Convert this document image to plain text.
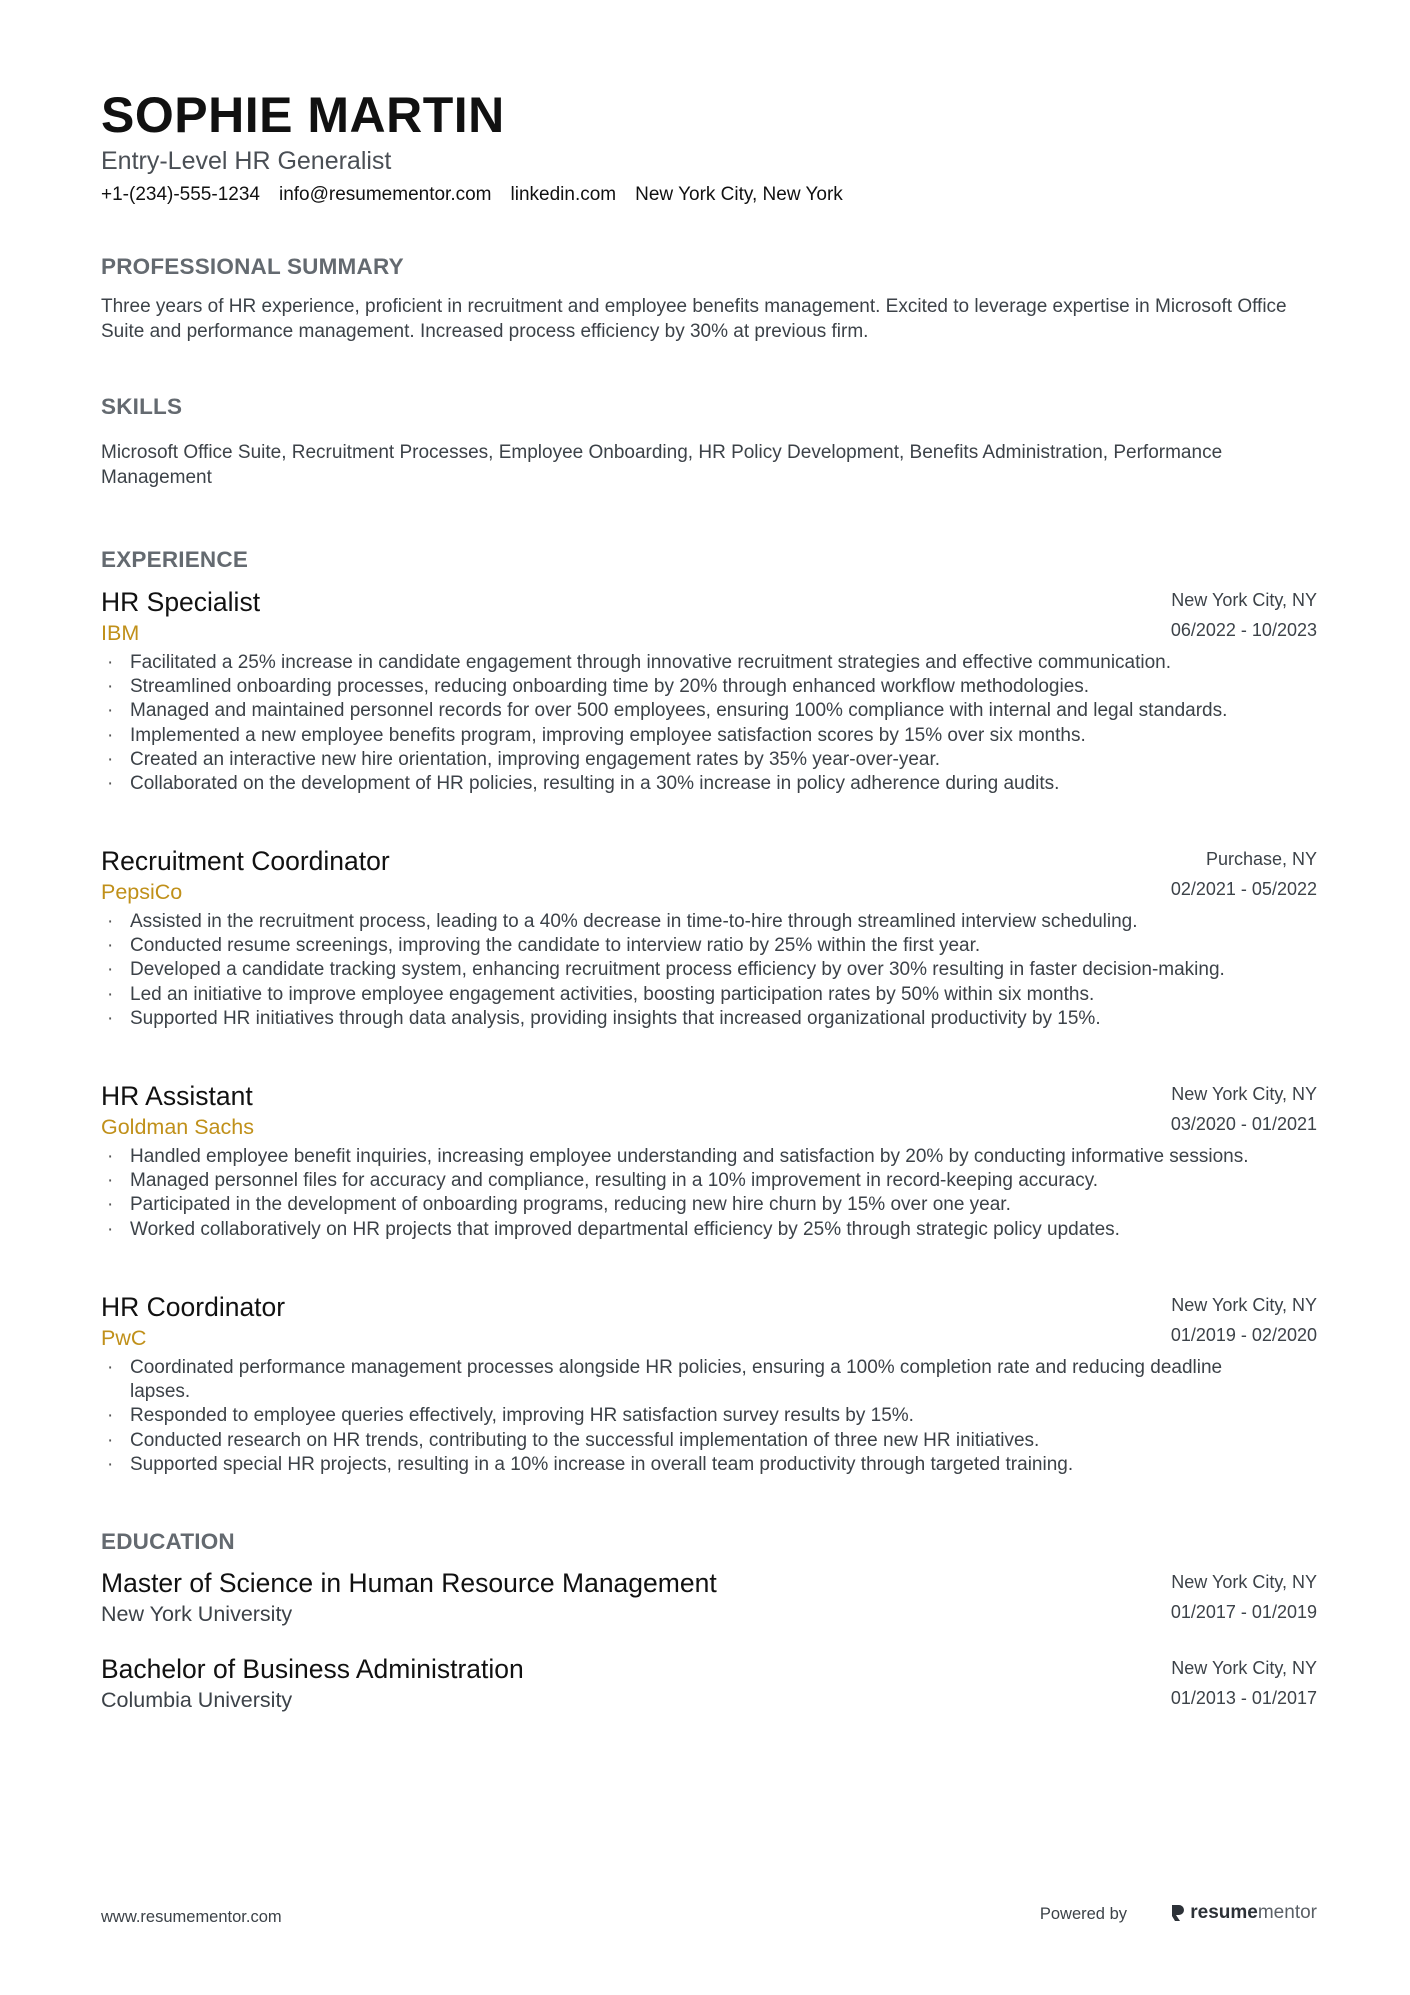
SOPHIE MARTIN
Entry-Level HR Generalist
+1-(234)-555-1234 info@resumementor.com linkedin.com New York City, New York
PROFESSIONAL SUMMARY
Three years of HR experience, proficient in recruitment and employee benefits management. Excited to leverage expertise in Microsoft Office Suite and performance management. Increased process efficiency by 30% at previous firm.
SKILLS
Microsoft Office Suite, Recruitment Processes, Employee Onboarding, HR Policy Development, Benefits Administration, Performance Management
EXPERIENCE
HR Specialist	New York City, NY
IBM	06/2022 - 10/2023
· Facilitated a 25% increase in candidate engagement through innovative recruitment strategies and effective communication.
· Streamlined onboarding processes, reducing onboarding time by 20% through enhanced workflow methodologies.
· Managed and maintained personnel records for over 500 employees, ensuring 100% compliance with internal and legal standards.
· Implemented a new employee benefits program, improving employee satisfaction scores by 15% over six months.
· Created an interactive new hire orientation, improving engagement rates by 35% year-over-year.
· Collaborated on the development of HR policies, resulting in a 30% increase in policy adherence during audits.
Recruitment Coordinator	Purchase, NY
PepsiCo	02/2021 - 05/2022
· Assisted in the recruitment process, leading to a 40% decrease in time-to-hire through streamlined interview scheduling.
· Conducted resume screenings, improving the candidate to interview ratio by 25% within the first year.
· Developed a candidate tracking system, enhancing recruitment process efficiency by over 30% resulting in faster decision-making.
· Led an initiative to improve employee engagement activities, boosting participation rates by 50% within six months.
· Supported HR initiatives through data analysis, providing insights that increased organizational productivity by 15%.
HR Assistant	New York City, NY
Goldman Sachs	03/2020 - 01/2021
· Handled employee benefit inquiries, increasing employee understanding and satisfaction by 20% by conducting informative sessions.
· Managed personnel files for accuracy and compliance, resulting in a 10% improvement in record-keeping accuracy.
· Participated in the development of onboarding programs, reducing new hire churn by 15% over one year.
· Worked collaboratively on HR projects that improved departmental efficiency by 25% through strategic policy updates.
HR Coordinator	New York City, NY
PwC	01/2019 - 02/2020
· Coordinated performance management processes alongside HR policies, ensuring a 100% completion rate and reducing deadline lapses.
· Responded to employee queries effectively, improving HR satisfaction survey results by 15%.
· Conducted research on HR trends, contributing to the successful implementation of three new HR initiatives.
· Supported special HR projects, resulting in a 10% increase in overall team productivity through targeted training.
EDUCATION
Master of Science in Human Resource Management	New York City, NY
New York University	01/2017 - 01/2019
Bachelor of Business Administration	New York City, NY
Columbia University	01/2013 - 01/2017
www.resumementor.com	Powered by	resume mentor
